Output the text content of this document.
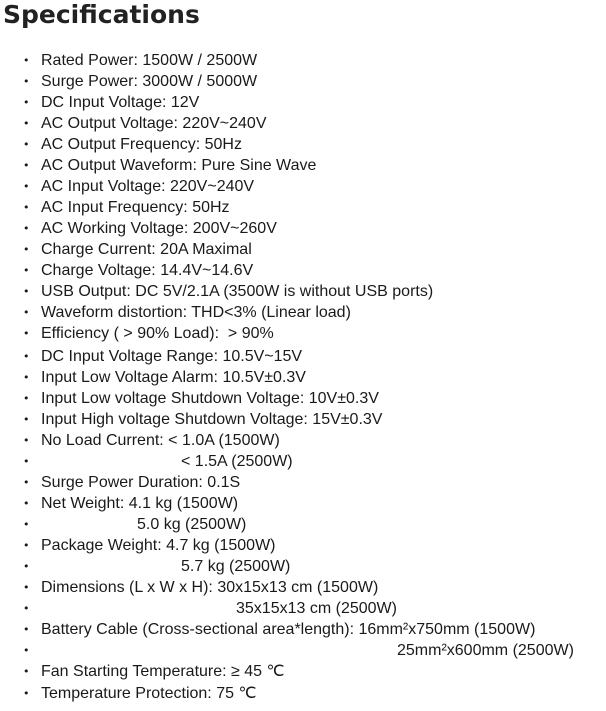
Specifications
• Rated Power: 1500W / 2500W
• Surge Power: 3000W / 5000W
• DC Input Voltage: 12V
• AC Output Voltage: 220V~240V
• AC Output Frequency: 50Hz
• AC Output Waveform: Pure Sine Wave
• AC Input Voltage: 220V~240V
• AC Input Frequency: 50Hz
• AC Working Voltage: 200V~260V
• Charge Current: 20A Maximal
• Charge Voltage: 14.4V~14.6V
• USB Output: DC 5V/2.1A (3500W is without USB ports)
• Waveform distortion: THD<3% (Linear load)
• Efficiency ( > 90% Load):  > 90%
• DC Input Voltage Range: 10.5V~15V
• Input Low Voltage Alarm: 10.5V±0.3V
• Input Low voltage Shutdown Voltage: 10V±0.3V
• Input High voltage Shutdown Voltage: 15V±0.3V
• No Load Current: < 1.0A (1500W)
•	< 1.5A (2500W)
• Surge Power Duration: 0.1S
• Net Weight: 4.1 kg (1500W)
•	5.0 kg (2500W)
• Package Weight: 4.7 kg (1500W)
•	5.7 kg (2500W)
• Dimensions (L x W x H): 30x15x13 cm (1500W)
•	35x15x13 cm (2500W)
• Battery Cable (Cross-sectional area*length): 16mm²x750mm (1500W)
•	25mm²x600mm (2500W)
• Fan Starting Temperature: ≥ 45 ℃
• Temperature Protection: 75 ℃
